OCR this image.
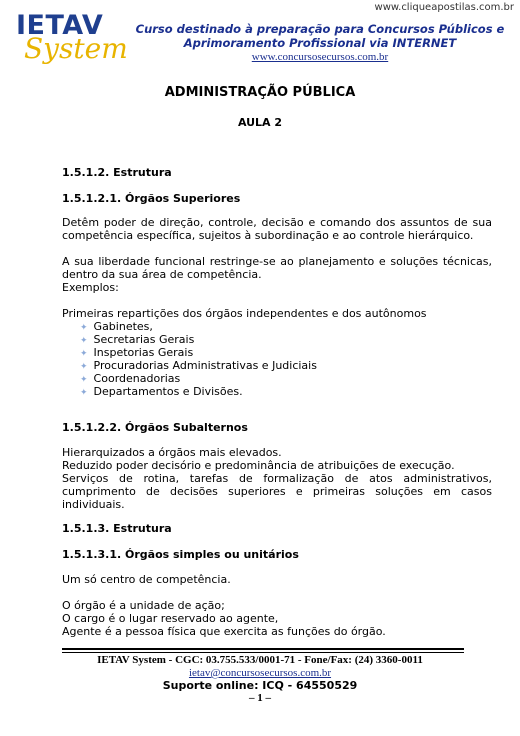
www.cliqueapostilas.com.br
IETAV
System
Curso destinado à preparação para Concursos Públicos e
Aprimoramento Profissional via INTERNET
www.concursosecursos.com.br
ADMINISTRAÇÃO PÚBLICA
AULA 2
1.5.1.2. Estrutura
1.5.1.2.1. Órgãos Superiores
Detêm poder de direção, controle, decisão e comando dos assuntos de sua competência específica, sujeitos à subordinação e ao controle hierárquico.
A sua liberdade funcional restringe-se ao planejamento e soluções técnicas, dentro da sua área de competência.
Exemplos:
Primeiras repartições dos órgãos independentes e dos autônomos
✦ Gabinetes,
✦ Secretarias Gerais
✦ Inspetorias Gerais
✦ Procuradorias Administrativas e Judiciais
✦ Coordenadorias
✦ Departamentos e Divisões.
1.5.1.2.2. Órgãos Subalternos
Hierarquizados a órgãos mais elevados.
Reduzido poder decisório e predominância de atribuições de execução.
Serviços de rotina, tarefas de formalização de atos administrativos, cumprimento de decisões superiores e primeiras soluções em casos individuais.
1.5.1.3. Estrutura
1.5.1.3.1. Órgãos simples ou unitários
Um só centro de competência.
O órgão é a unidade de ação;
O cargo é o lugar reservado ao agente,
Agente é a pessoa física que exercita as funções do órgão.
IETAV System - CGC: 03.755.533/0001-71 - Fone/Fax: (24) 3360-0011
ietav@concursosecursos.com.br
Suporte online: ICQ - 64550529
– 1 –
